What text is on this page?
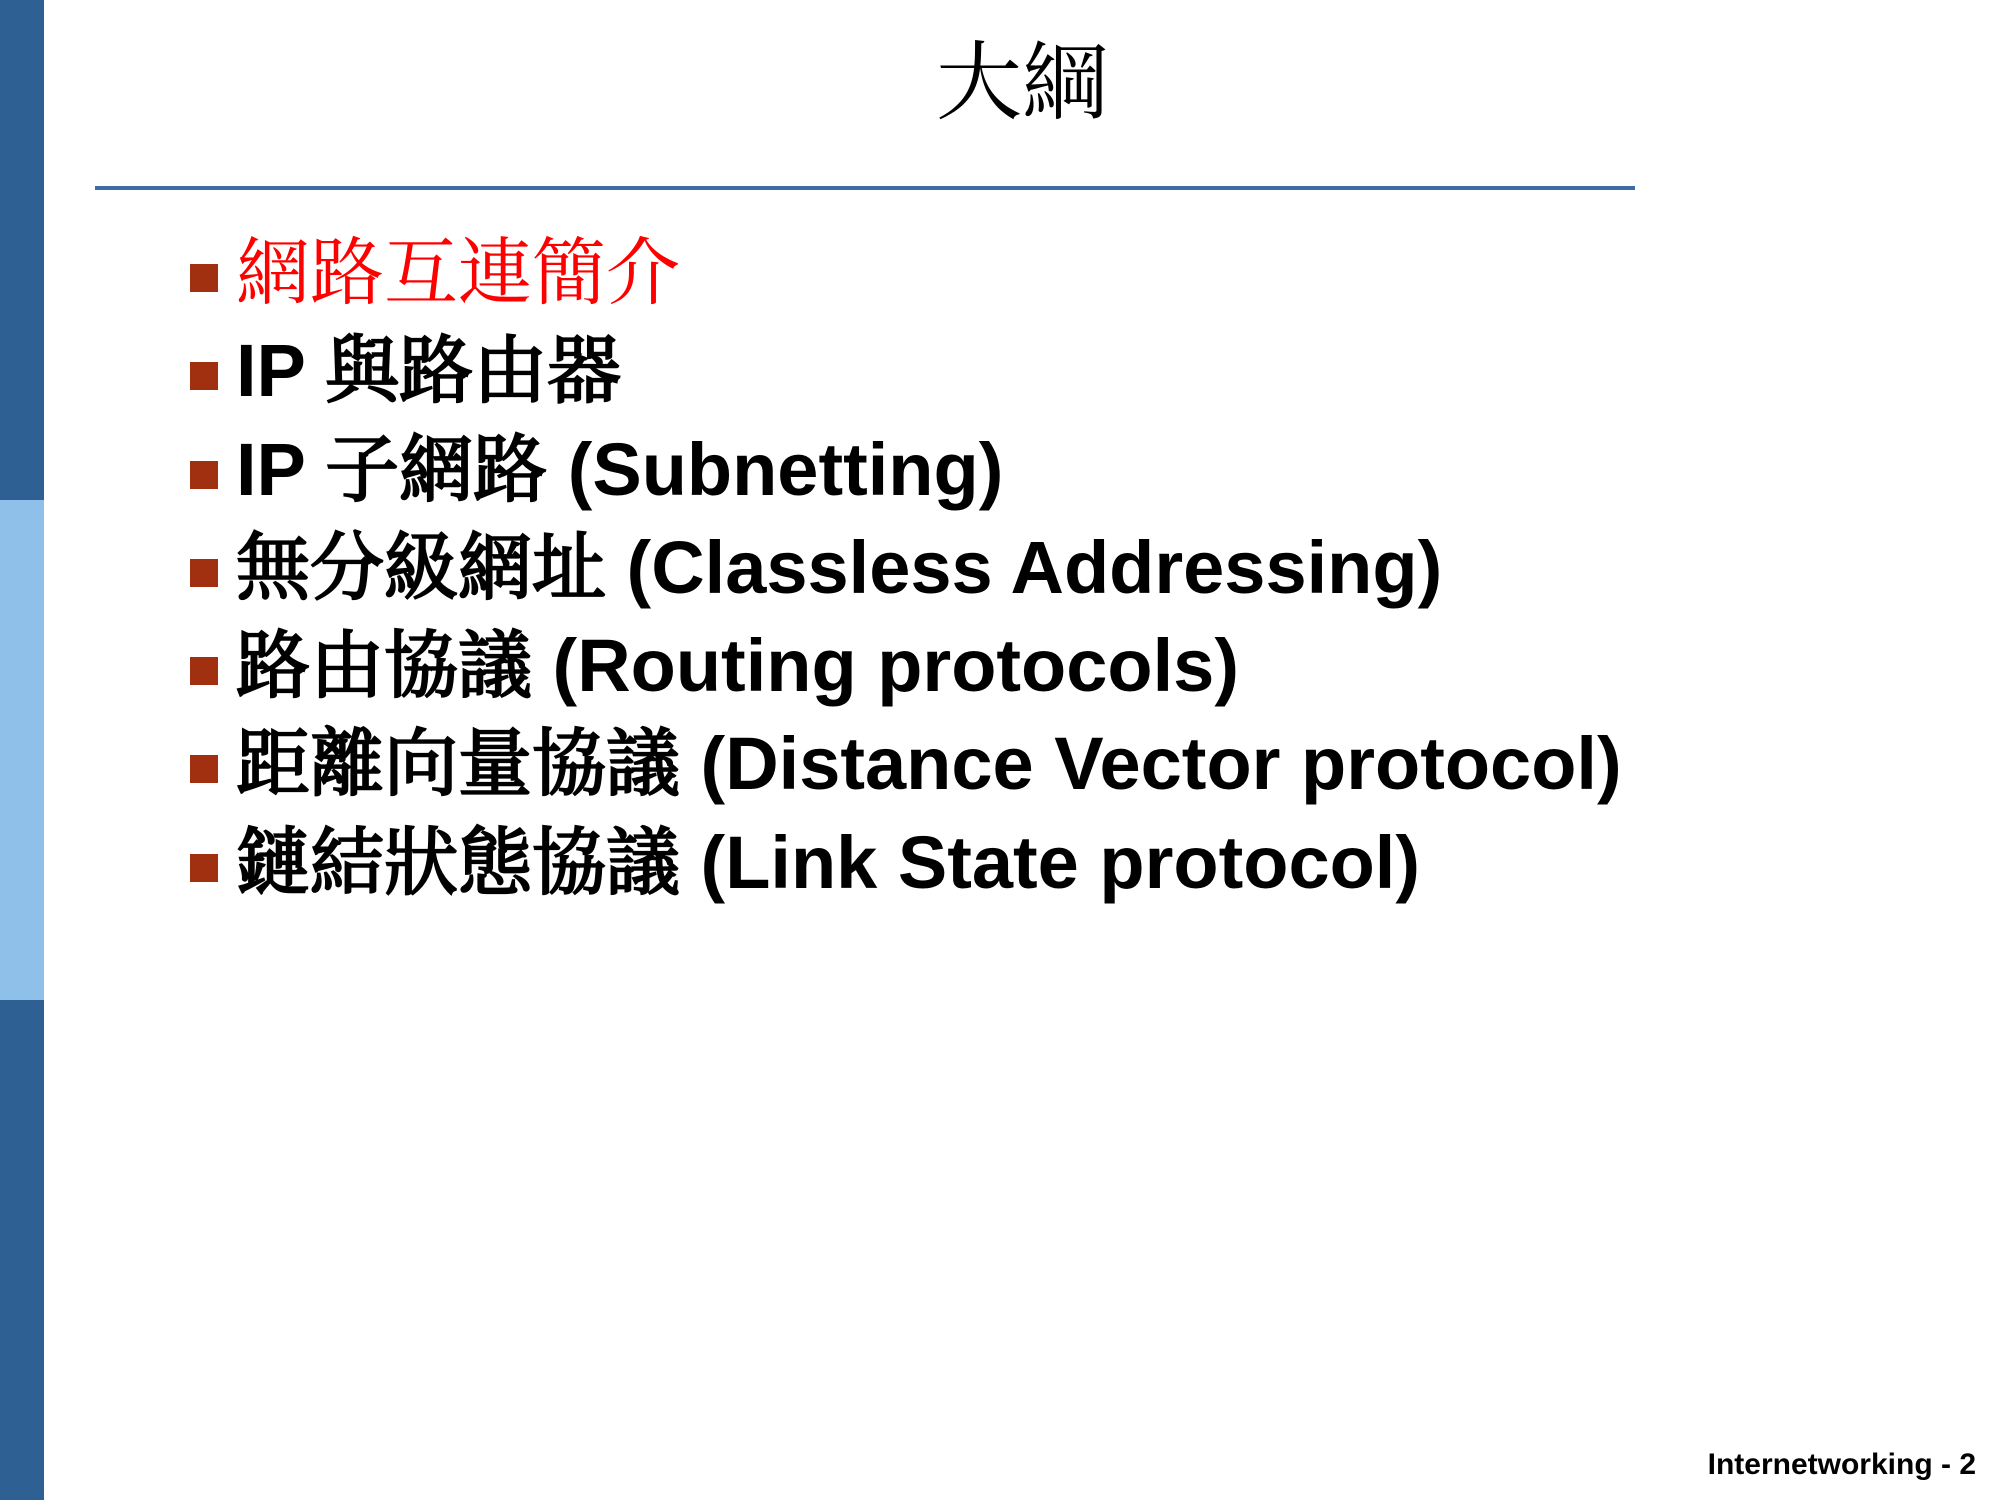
大綱
網路互連簡介
IP 與路由器
IP 子網路 (Subnetting)
無分級網址 (Classless Addressing)
路由協議 (Routing protocols)
距離向量協議 (Distance Vector protocol)
鏈結狀態協議 (Link State protocol)
Internetworking - 2
